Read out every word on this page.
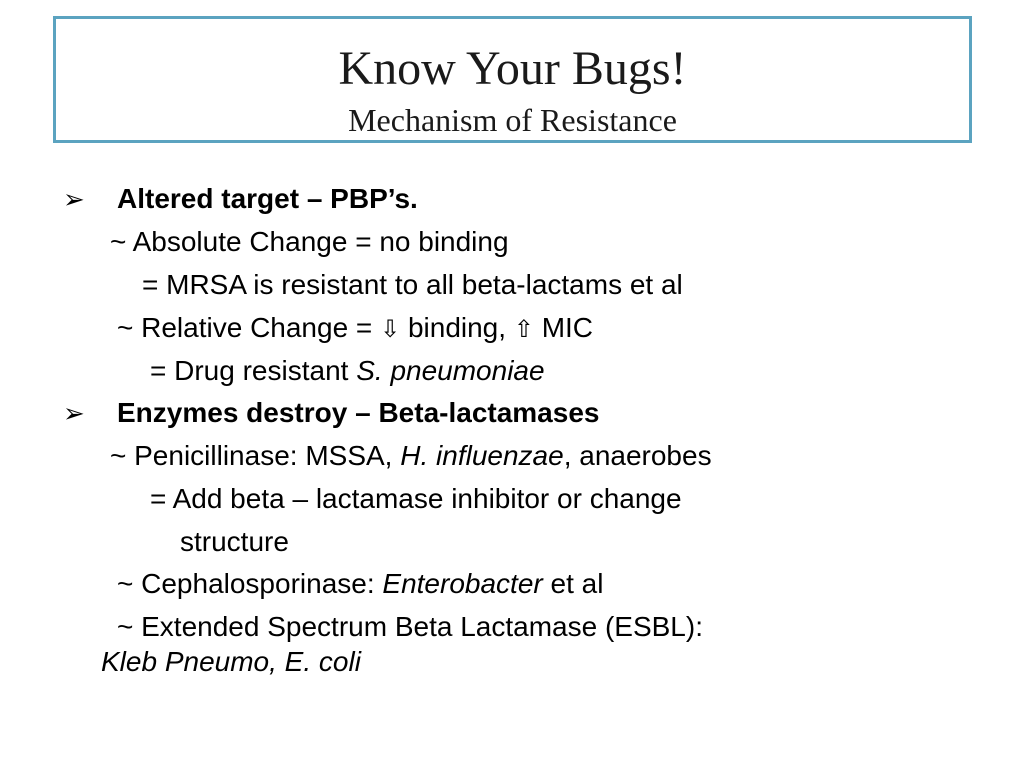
Know Your Bugs!
Mechanism of Resistance
➢ Altered target – PBP’s.
~ Absolute Change = no binding
= MRSA is resistant to all beta-lactams et al
~ Relative Change = ⇩ binding, ⇧ MIC
= Drug resistant S. pneumoniae
➢ Enzymes destroy – Beta-lactamases
~ Penicillinase: MSSA, H. influenzae, anaerobes
= Add beta – lactamase inhibitor or change
structure
~ Cephalosporinase: Enterobacter et al
~ Extended Spectrum Beta Lactamase (ESBL):
Kleb Pneumo, E. coli
